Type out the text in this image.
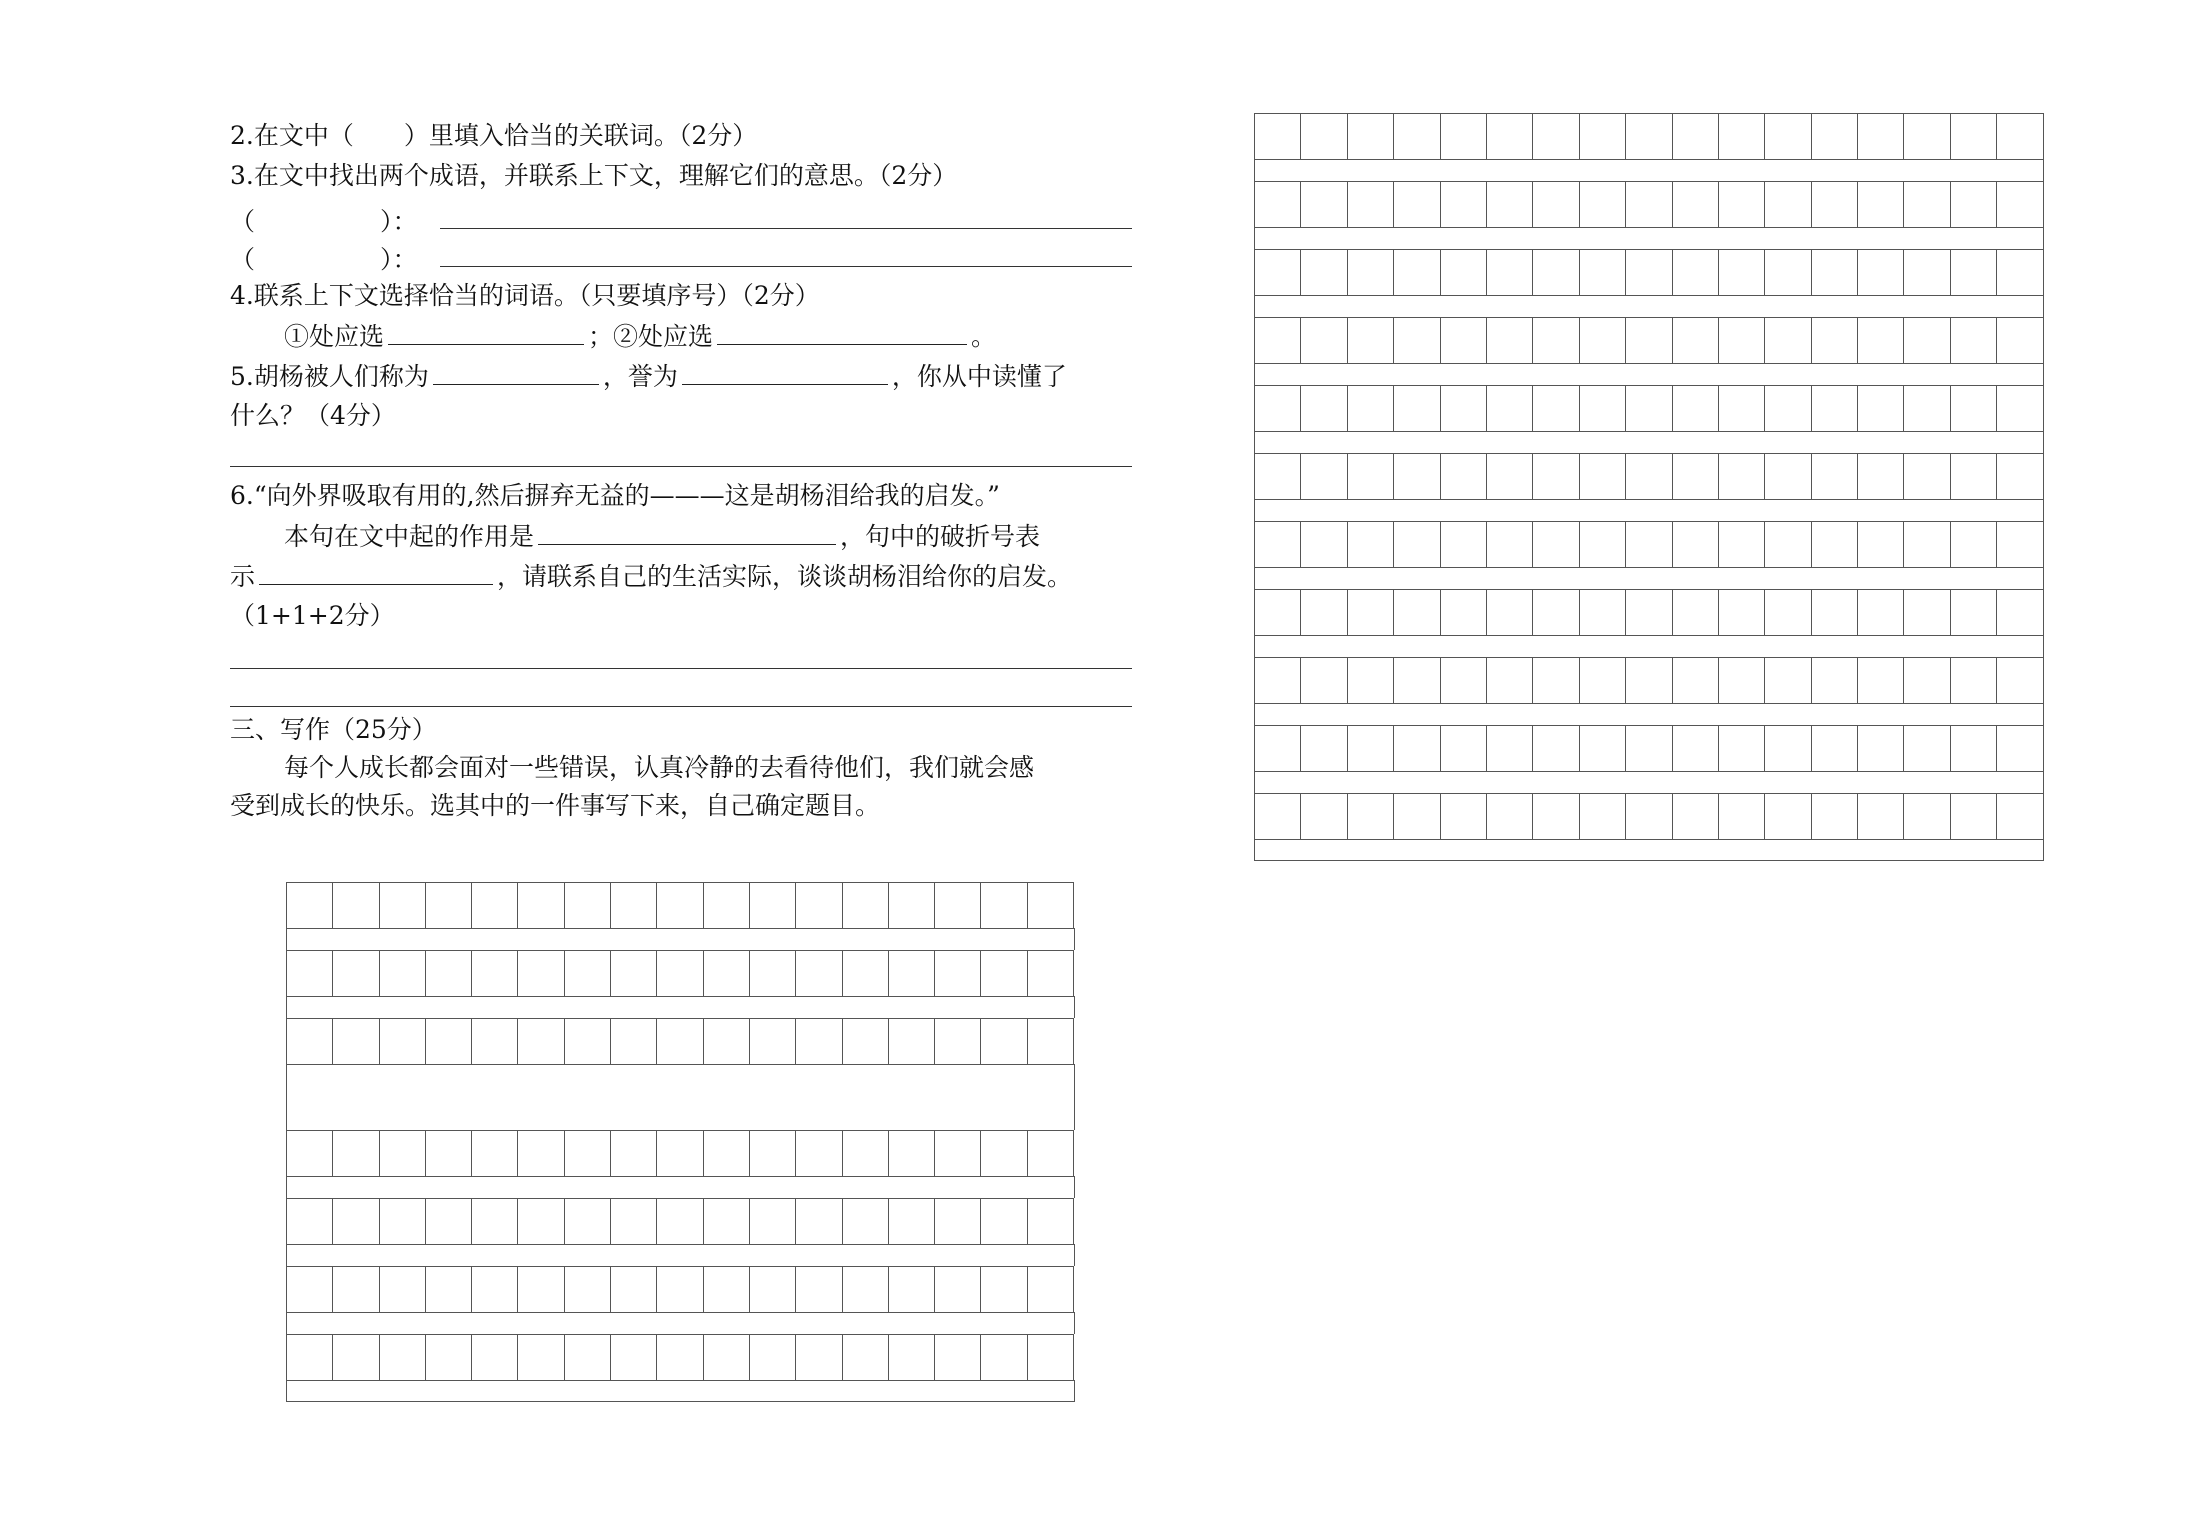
2.在文中（　　）里填入恰当的关联词。（2分）
3.在文中找出两个成语，并联系上下文，理解它们的意思。（2分）
（　　　　　）：
（　　　　　）：
4.联系上下文选择恰当的词语。（只要填序号）（2分）
①处应选	；②处应选	。
5.胡杨被人们称为	，誉为	，你从中读懂了
什么？（4分）
6.“向外界吸取有用的,然后摒弃无益的———这是胡杨泪给我的启发。”
本句在文中起的作用是	，句中的破折号表
示	，请联系自己的生活实际，谈谈胡杨泪给你的启发。
（1+1+2分）
三、写作（25分）
每个人成长都会面对一些错误，认真冷静的去看待他们，我们就会感
受到成长的快乐。选其中的一件事写下来，自己确定题目。
